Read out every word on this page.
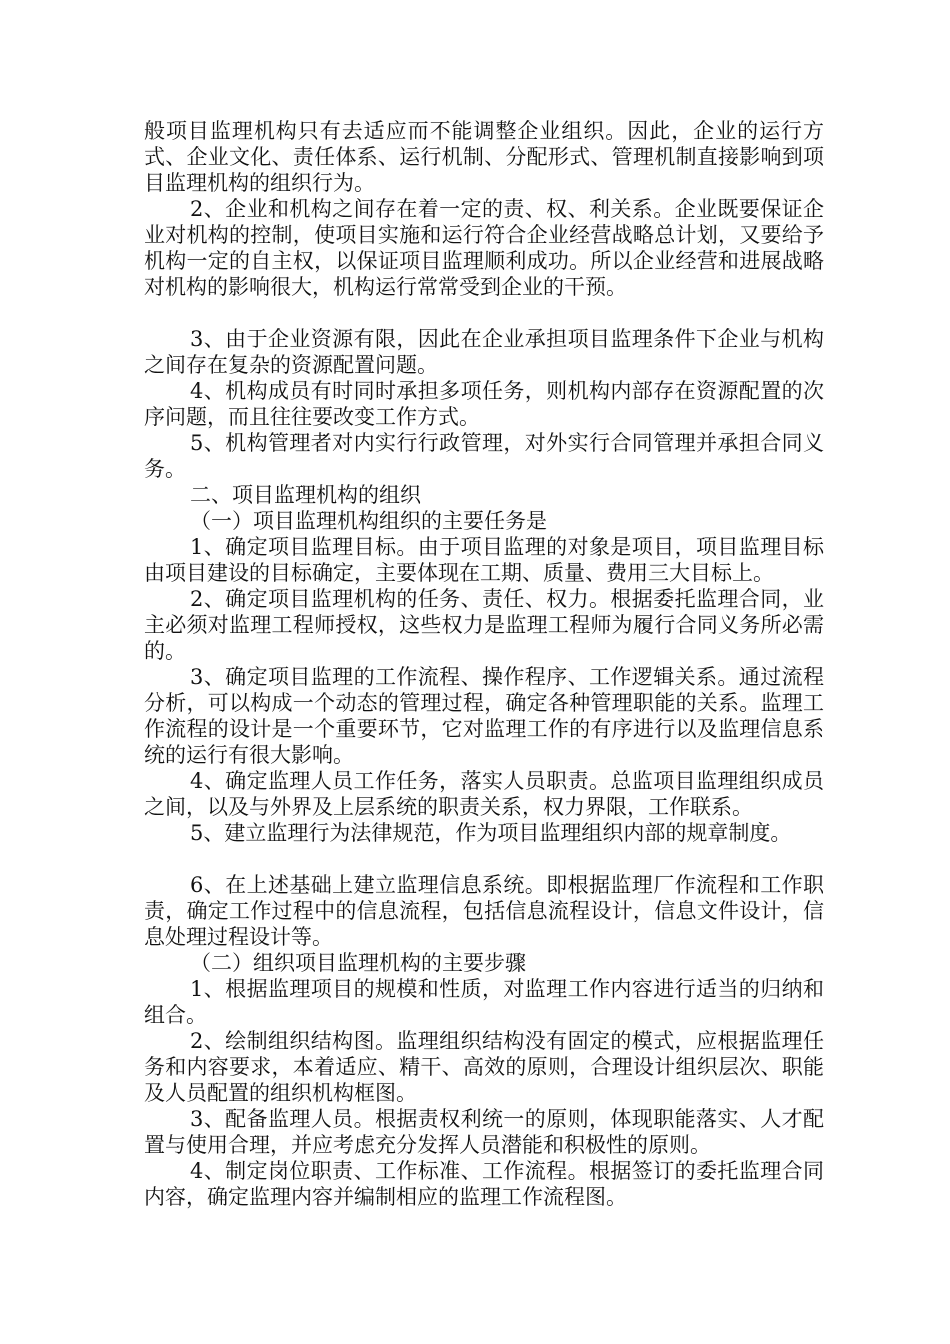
般项目监理机构只有去适应而不能调整企业组织。因此，企业的运行方式、企业文化、责任体系、运行机制、分配形式、管理机制直接影响到项目监理机构的组织行为。

2、企业和机构之间存在着一定的责、权、利关系。企业既要保证企业对机构的控制，使项目实施和运行符合企业经营战略总计划，又要给予机构一定的自主权，以保证项目监理顺利成功。所以企业经营和进展战略对机构的影响很大，机构运行常常受到企业的干预。

3、由于企业资源有限，因此在企业承担项目监理条件下企业与机构之间存在复杂的资源配置问题。

4、机构成员有时同时承担多项任务，则机构内部存在资源配置的次序问题，而且往往要改变工作方式。

5、机构管理者对内实行行政管理，对外实行合同管理并承担合同义务。

二、项目监理机构的组织

（一）项目监理机构组织的主要任务是

1、确定项目监理目标。由于项目监理的对象是项目，项目监理目标由项目建设的目标确定，主要体现在工期、质量、费用三大目标上。

2、确定项目监理机构的任务、责任、权力。根据委托监理合同，业主必须对监理工程师授权，这些权力是监理工程师为履行合同义务所必需的。

3、确定项目监理的工作流程、操作程序、工作逻辑关系。通过流程分析，可以构成一个动态的管理过程，确定各种管理职能的关系。监理工作流程的设计是一个重要环节，它对监理工作的有序进行以及监理信息系统的运行有很大影响。

4、确定监理人员工作任务，落实人员职责。总监项目监理组织成员之间，以及与外界及上层系统的职责关系，权力界限，工作联系。

5、建立监理行为法律规范，作为项目监理组织内部的规章制度。

6、在上述基础上建立监理信息系统。即根据监理厂作流程和工作职责，确定工作过程中的信息流程，包括信息流程设计，信息文件设计，信息处理过程设计等。

（二）组织项目监理机构的主要步骤

1、根据监理项目的规模和性质，对监理工作内容进行适当的归纳和组合。

2、绘制组织结构图。监理组织结构没有固定的模式，应根据监理任务和内容要求，本着适应、精干、高效的原则，合理设计组织层次、职能及人员配置的组织机构框图。

3、配备监理人员。根据责权利统一的原则，体现职能落实、人才配置与使用合理，并应考虑充分发挥人员潜能和积极性的原则。

4、制定岗位职责、工作标准、工作流程。根据签订的委托监理合同内容，确定监理内容并编制相应的监理工作流程图。
